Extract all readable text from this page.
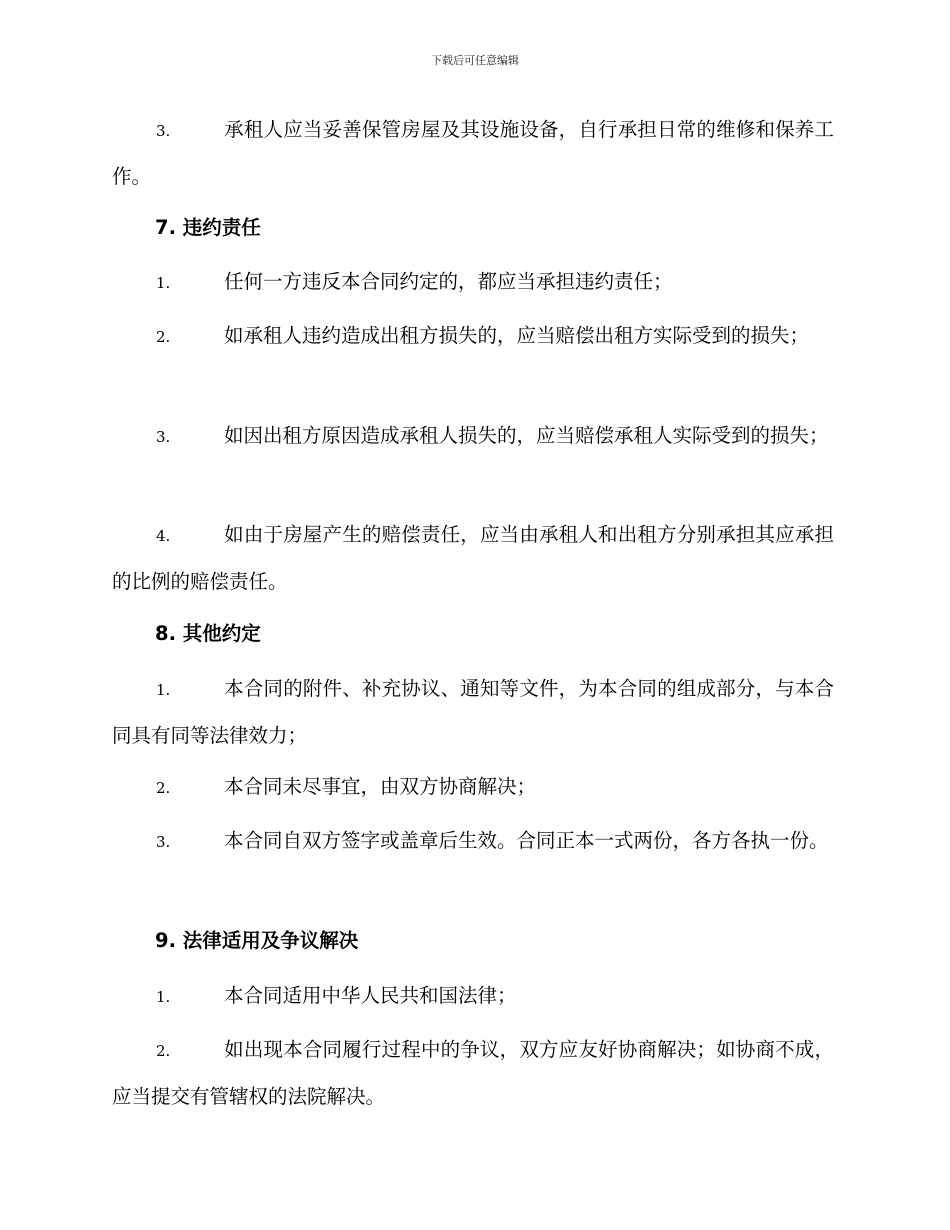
下载后可任意编辑
3.	承租人应当妥善保管房屋及其设施设备，自行承担日常的维修和保养工作。
7. 违约责任
1.	任何一方违反本合同约定的，都应当承担违约责任；
2.	如承租人违约造成出租方损失的，应当赔偿出租方实际受到的损失；
3.	如因出租方原因造成承租人损失的，应当赔偿承租人实际受到的损失；
4.	如由于房屋产生的赔偿责任，应当由承租人和出租方分别承担其应承担的比例的赔偿责任。
8. 其他约定
1.	本合同的附件、补充协议、通知等文件，为本合同的组成部分，与本合同具有同等法律效力；
2.	本合同未尽事宜，由双方协商解决；
3.	本合同自双方签字或盖章后生效。合同正本一式两份，各方各执一份。
9. 法律适用及争议解决
1.	本合同适用中华人民共和国法律；
2.	如出现本合同履行过程中的争议，双方应友好协商解决；如协商不成，应当提交有管辖权的法院解决。
